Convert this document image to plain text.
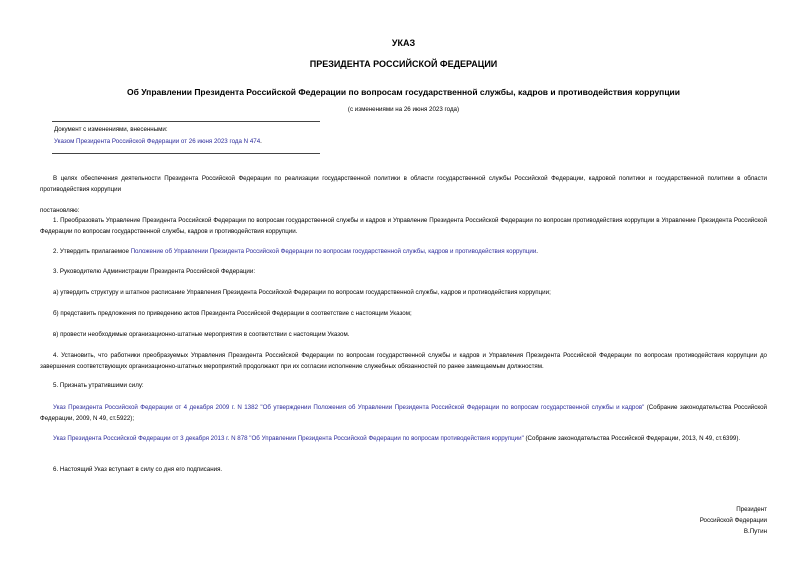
УКАЗ
ПРЕЗИДЕНТА РОССИЙСКОЙ ФЕДЕРАЦИИ
Об Управлении Президента Российской Федерации по вопросам государственной службы, кадров и противодействия коррупции
(с изменениями на 26 июня 2023 года)
Документ с изменениями, внесенными:
Указом Президента Российской Федерации от 26 июня 2023 года N 474.
В целях обеспечения деятельности Президента Российской Федерации по реализации государственной политики в области государственной службы Российской Федерации, кадровой политики и государственной политики в области противодействия коррупции
постановляю:
1. Преобразовать Управление Президента Российской Федерации по вопросам государственной службы и кадров и Управление Президента Российской Федерации по вопросам противодействия коррупции в Управление Президента Российской Федерации по вопросам государственной службы, кадров и противодействия коррупции.
2. Утвердить прилагаемое Положение об Управлении Президента Российской Федерации по вопросам государственной службы, кадров и противодействия коррупции.
3. Руководителю Администрации Президента Российской Федерации:
а) утвердить структуру и штатное расписание Управления Президента Российской Федерации по вопросам государственной службы, кадров и противодействия коррупции;
б) представить предложения по приведению актов Президента Российской Федерации в соответствие с настоящим Указом;
в) провести необходимые организационно-штатные мероприятия в соответствии с настоящим Указом.
4. Установить, что работники преобразуемых Управления Президента Российской Федерации по вопросам государственной службы и кадров и Управления Президента Российской Федерации по вопросам противодействия коррупции до завершения соответствующих организационно-штатных мероприятий продолжают при их согласии исполнение служебных обязанностей по ранее замещаемым должностям.
5. Признать утратившими силу:
Указ Президента Российской Федерации от 4 декабря 2009 г. N 1382 "Об утверждении Положения об Управлении Президента Российской Федерации по вопросам государственной службы и кадров" (Собрание законодательства Российской Федерации, 2009, N 49, ст.5922);
Указ Президента Российской Федерации от 3 декабря 2013 г. N 878 "Об Управлении Президента Российской Федерации по вопросам противодействия коррупции" (Собрание законодательства Российской Федерации, 2013, N 49, ст.6399).
6. Настоящий Указ вступает в силу со дня его подписания.
Президент
Российской Федерации
В.Путин
